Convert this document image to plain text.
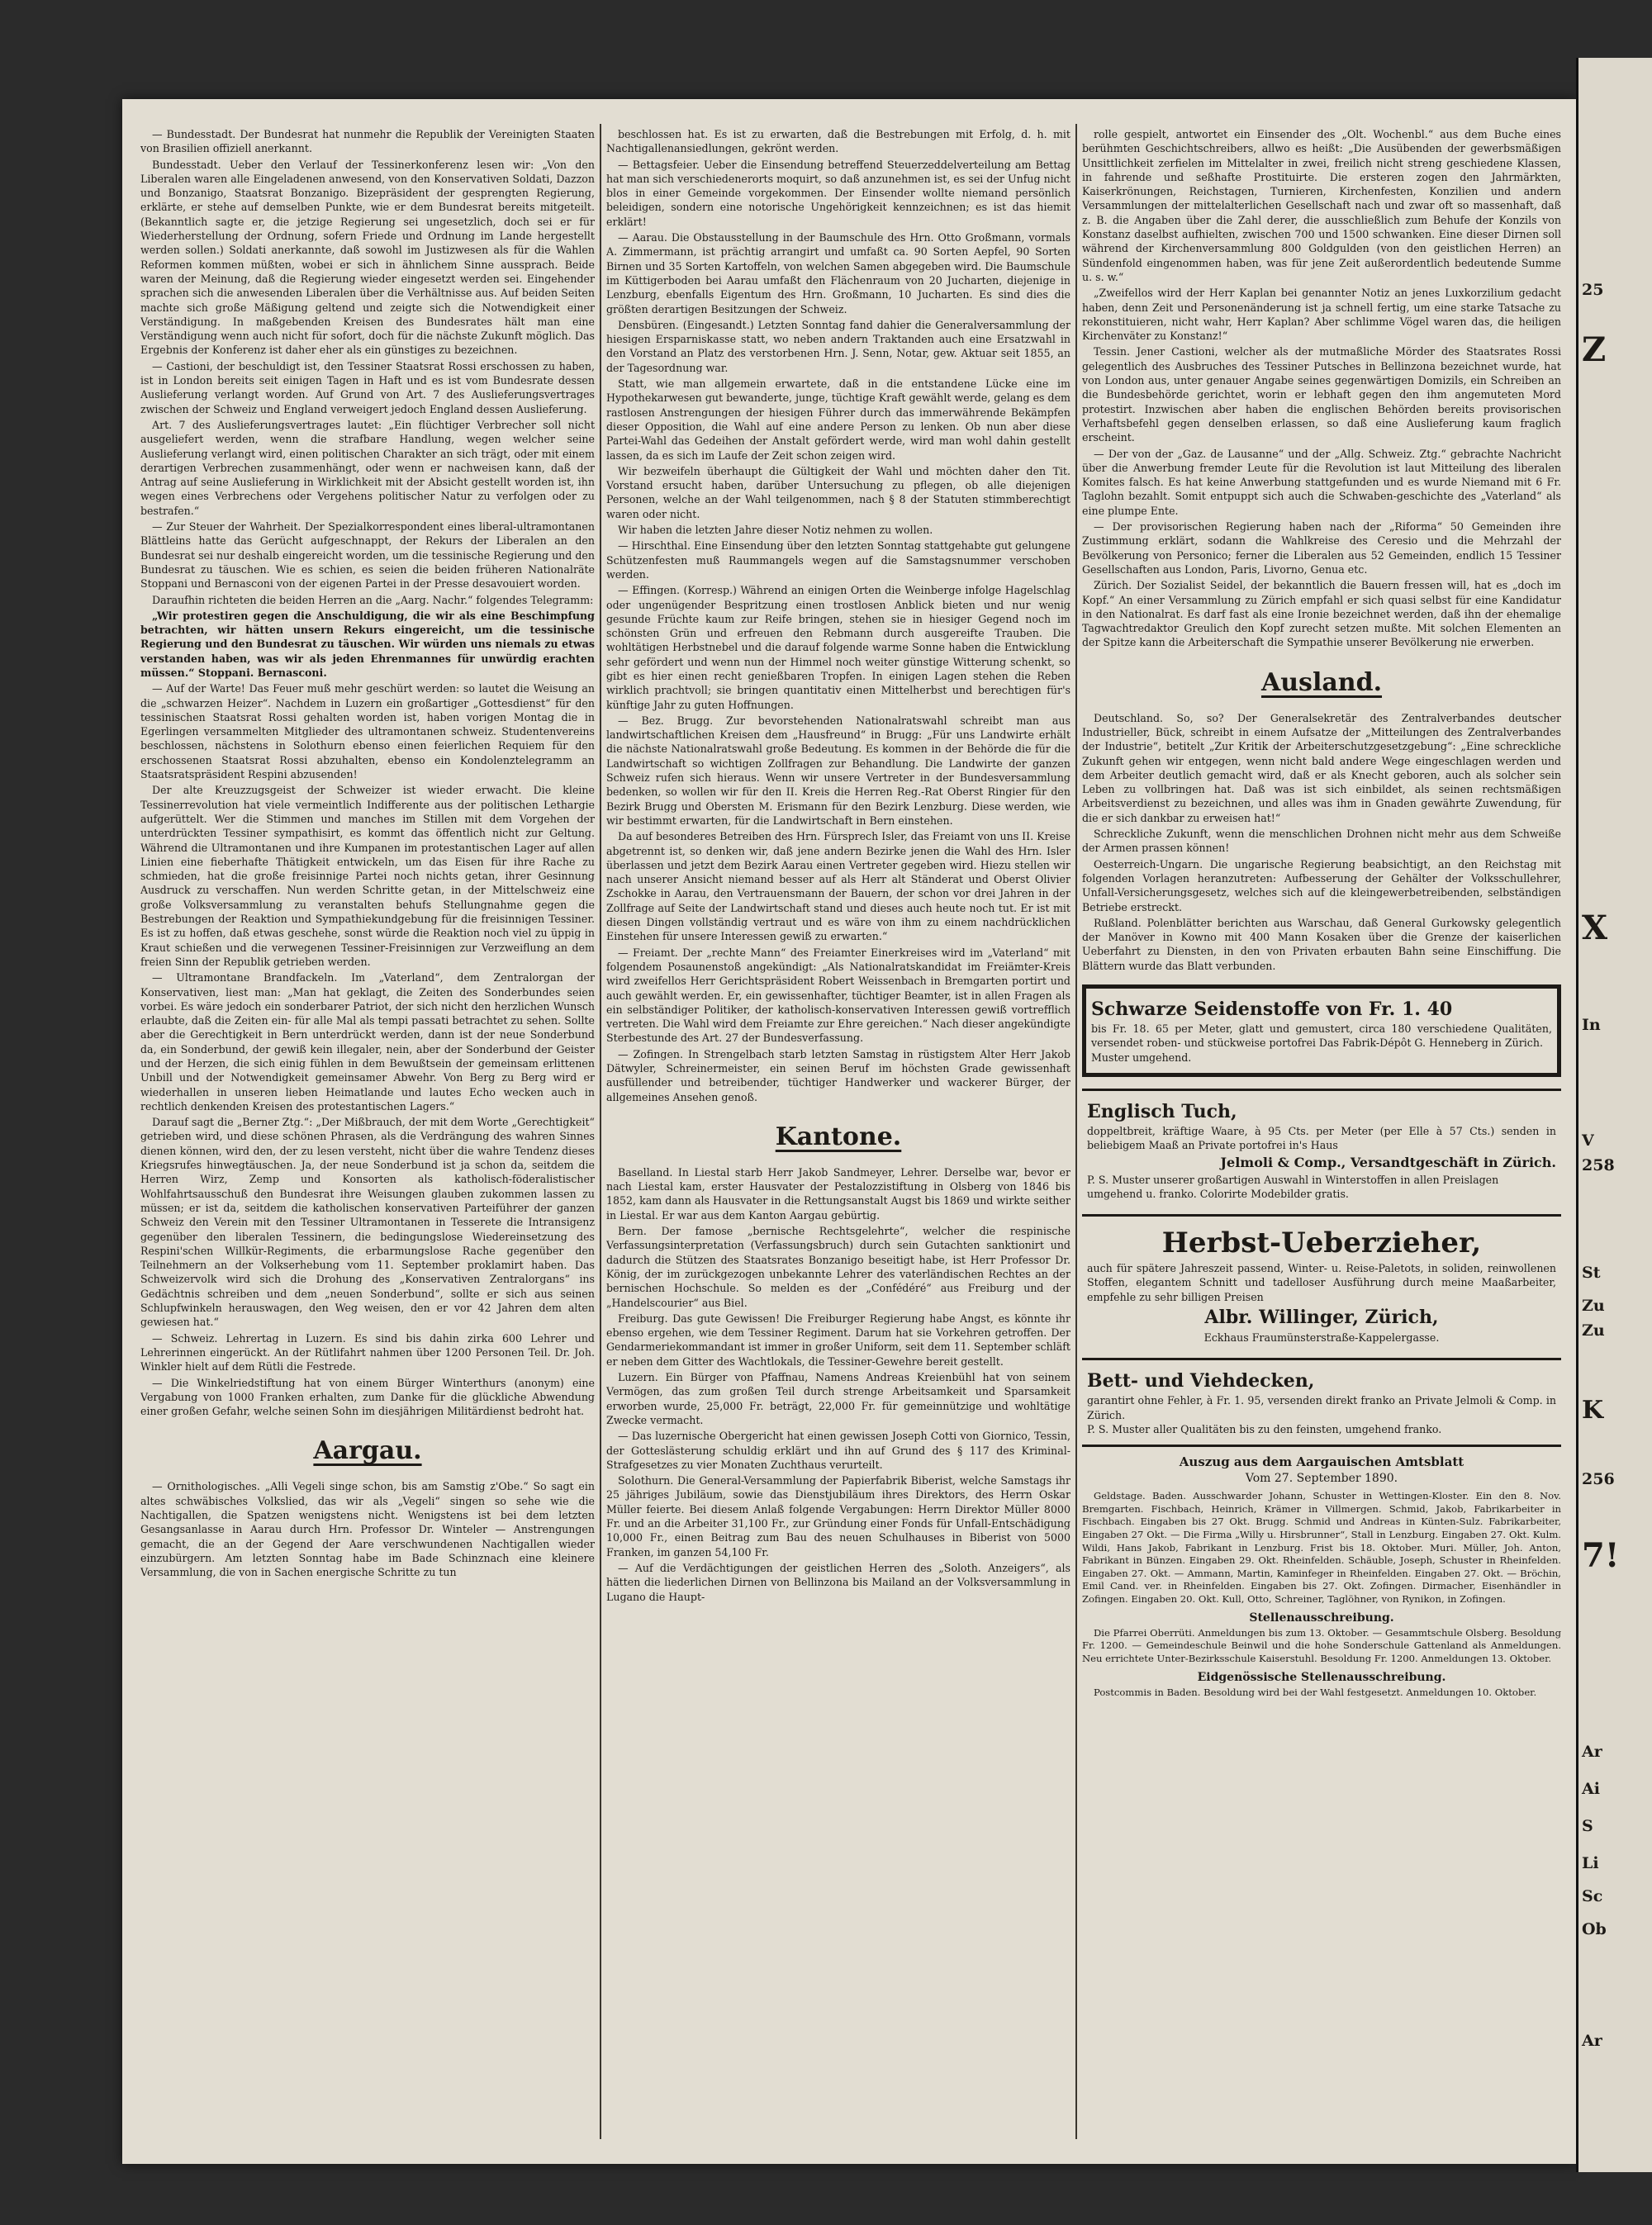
— Bundesstadt. Der Bundesrat hat nunmehr die Republik der Vereinigten Staaten von Brasilien offiziell anerkannt.

Bundesstadt. Ueber den Verlauf der Tessinerkonferenz lesen wir: „Von den Liberalen waren alle Eingeladenen anwesend, von den Konservativen Soldati, Dazzon und Bonzanigo, Staatsrat Bonzanigo. Bizepräsident der gesprengten Regierung, erklärte, er stehe auf demselben Punkte, wie er dem Bundesrat bereits mitgeteilt. (Bekanntlich sagte er, die jetzige Regierung sei ungesetzlich, doch sei er für Wiederherstellung der Ordnung, sofern Friede und Ordnung im Lande hergestellt werden sollen.) Soldati anerkannte, daß sowohl im Justizwesen als für die Wahlen Reformen kommen müßten, wobei er sich in ähnlichem Sinne aussprach. Beide waren der Meinung, daß die Regierung wieder eingesetzt werden sei. Eingehender sprachen sich die anwesenden Liberalen über die Verhältnisse aus. Auf beiden Seiten machte sich große Mäßigung geltend und zeigte sich die Notwendigkeit einer Verständigung. In maßgebenden Kreisen des Bundesrates hält man eine Verständigung wenn auch nicht für sofort, doch für die nächste Zukunft möglich. Das Ergebnis der Konferenz ist daher eher als ein günstiges zu bezeichnen.

— Castioni, der beschuldigt ist, den Tessiner Staatsrat Rossi erschossen zu haben, ist in London bereits seit einigen Tagen in Haft und es ist vom Bundesrate dessen Auslieferung verlangt worden. Auf Grund von Art. 7 des Auslieferungsvertrages zwischen der Schweiz und England verweigert jedoch England dessen Auslieferung.

Art. 7 des Auslieferungsvertrages lautet: „Ein flüchtiger Verbrecher soll nicht ausgeliefert werden, wenn die strafbare Handlung, wegen welcher seine Auslieferung verlangt wird, einen politischen Charakter an sich trägt, oder mit einem derartigen Verbrechen zusammenhängt, oder wenn er nachweisen kann, daß der Antrag auf seine Auslieferung in Wirklichkeit mit der Absicht gestellt worden ist, ihn wegen eines Verbrechens oder Vergehens politischer Natur zu verfolgen oder zu bestrafen.“

— Zur Steuer der Wahrheit. Der Spezialkorrespondent eines liberal-ultramontanen Blättleins hatte das Gerücht aufgeschnappt, der Rekurs der Liberalen an den Bundesrat sei nur deshalb eingereicht worden, um die tessinische Regierung und den Bundesrat zu täuschen. Wie es schien, es seien die beiden früheren Nationalräte Stoppani und Bernasconi von der eigenen Partei in der Presse desavouiert worden.

Daraufhin richteten die beiden Herren an die „Aarg. Nachr.“ folgendes Telegramm:

„Wir protestiren gegen die Anschuldigung, die wir als eine Beschimpfung betrachten, wir hätten unsern Rekurs eingereicht, um die tessinische Regierung und den Bundesrat zu täuschen. Wir würden uns niemals zu etwas verstanden haben, was wir als jeden Ehrenmannes für unwürdig erachten müssen.“ Stoppani. Bernasconi.

— Auf der Warte! Das Feuer muß mehr geschürt werden: so lautet die Weisung an die „schwarzen Heizer“. Nachdem in Luzern ein großartiger „Gottesdienst“ für den tessinischen Staatsrat Rossi gehalten worden ist, haben vorigen Montag die in Egerlingen versammelten Mitglieder des ultramontanen schweiz. Studentenvereins beschlossen, nächstens in Solothurn ebenso einen feierlichen Requiem für den erschossenen Staatsrat Rossi abzuhalten, ebenso ein Kondolenztelegramm an Staatsratspräsident Respini abzusenden!

Der alte Kreuzzugsgeist der Schweizer ist wieder erwacht. Die kleine Tessinerrevolution hat viele vermeintlich Indifferente aus der politischen Lethargie aufgerüttelt. Wer die Stimmen und manches im Stillen mit dem Vorgehen der unterdrückten Tessiner sympathisirt, es kommt das öffentlich nicht zur Geltung. Während die Ultramontanen und ihre Kumpanen im protestantischen Lager auf allen Linien eine fieberhafte Thätigkeit entwickeln, um das Eisen für ihre Rache zu schmieden, hat die große freisinnige Partei noch nichts getan, ihrer Gesinnung Ausdruck zu verschaffen. Nun werden Schritte getan, in der Mittelschweiz eine große Volksversammlung zu veranstalten behufs Stellungnahme gegen die Bestrebungen der Reaktion und Sympathiekundgebung für die freisinnigen Tessiner. Es ist zu hoffen, daß etwas geschehe, sonst würde die Reaktion noch viel zu üppig in Kraut schießen und die verwegenen Tessiner-Freisinnigen zur Verzweiflung an dem freien Sinn der Republik getrieben werden.

— Ultramontane Brandfackeln. Im „Vaterland“, dem Zentralorgan der Konservativen, liest man: „Man hat geklagt, die Zeiten des Sonderbundes seien vorbei. Es wäre jedoch ein sonderbarer Patriot, der sich nicht den herzlichen Wunsch erlaubte, daß die Zeiten ein- für alle Mal als tempi passati betrachtet zu sehen. Sollte aber die Gerechtigkeit in Bern unterdrückt werden, dann ist der neue Sonderbund da, ein Sonderbund, der gewiß kein illegaler, nein, aber der Sonderbund der Geister und der Herzen, die sich einig fühlen in dem Bewußtsein der gemeinsam erlittenen Unbill und der Notwendigkeit gemeinsamer Abwehr. Von Berg zu Berg wird er wiederhallen in unseren lieben Heimatlande und lautes Echo wecken auch in rechtlich denkenden Kreisen des protestantischen Lagers.“

Darauf sagt die „Berner Ztg.“: „Der Mißbrauch, der mit dem Worte „Gerechtigkeit“ getrieben wird, und diese schönen Phrasen, als die Verdrängung des wahren Sinnes dienen können, wird den, der zu lesen versteht, nicht über die wahre Tendenz dieses Kriegsrufes hinwegtäuschen. Ja, der neue Sonderbund ist ja schon da, seitdem die Herren Wirz, Zemp und Konsorten als katholisch-föderalistischer Wohlfahrtsausschuß den Bundesrat ihre Weisungen glauben zukommen lassen zu müssen; er ist da, seitdem die katholischen konservativen Parteiführer der ganzen Schweiz den Verein mit den Tessiner Ultramontanen in Tesserete die Intransigenz gegenüber den liberalen Tessinern, die bedingungslose Wiedereinsetzung des Respini'schen Willkür-Regiments, die erbarmungslose Rache gegenüber den Teilnehmern an der Volkserhebung vom 11. September proklamirt haben. Das Schweizervolk wird sich die Drohung des „Konservativen Zentralorgans“ ins Gedächtnis schreiben und dem „neuen Sonderbund“, sollte er sich aus seinen Schlupfwinkeln herauswagen, den Weg weisen, den er vor 42 Jahren dem alten gewiesen hat.“

— Schweiz. Lehrertag in Luzern. Es sind bis dahin zirka 600 Lehrer und Lehrerinnen eingerückt. An der Rütlifahrt nahmen über 1200 Personen Teil. Dr. Joh. Winkler hielt auf dem Rütli die Festrede.

— Die Winkelriedstiftung hat von einem Bürger Winterthurs (anonym) eine Vergabung von 1000 Franken erhalten, zum Danke für die glückliche Abwendung einer großen Gefahr, welche seinen Sohn im diesjährigen Militärdienst bedroht hat.

Aargau.

— Ornithologisches. „Alli Vegeli singe schon, bis am Samstig z'Obe.“ So sagt ein altes schwäbisches Volkslied, das wir als „Vegeli“ singen so sehe wie die Nachtigallen, die Spatzen wenigstens nicht. Wenigstens ist bei dem letzten Gesangsanlasse in Aarau durch Hrn. Professor Dr. Winteler — Anstrengungen gemacht, die an der Gegend der Aare verschwundenen Nachtigallen wieder einzubürgern. Am letzten Sonntag habe im Bade Schinznach eine kleinere Versammlung, die von in Sachen energische Schritte zu tun

beschlossen hat. Es ist zu erwarten, daß die Bestrebungen mit Erfolg, d. h. mit Nachtigallenansiedlungen, gekrönt werden.

— Bettagsfeier. Ueber die Einsendung betreffend Steuerzeddelverteilung am Bettag hat man sich verschiedenerorts moquirt, so daß anzunehmen ist, es sei der Unfug nicht blos in einer Gemeinde vorgekommen. Der Einsender wollte niemand persönlich beleidigen, sondern eine notorische Ungehörigkeit kennzeichnen; es ist das hiemit erklärt!

— Aarau. Die Obstausstellung in der Baumschule des Hrn. Otto Großmann, vormals A. Zimmermann, ist prächtig arrangirt und umfaßt ca. 90 Sorten Aepfel, 90 Sorten Birnen und 35 Sorten Kartoffeln, von welchen Samen abgegeben wird. Die Baumschule im Küttigerboden bei Aarau umfaßt den Flächenraum von 20 Jucharten, diejenige in Lenzburg, ebenfalls Eigentum des Hrn. Großmann, 10 Jucharten. Es sind dies die größten derartigen Besitzungen der Schweiz.

Densbüren. (Eingesandt.) Letzten Sonntag fand dahier die Generalversammlung der hiesigen Ersparniskasse statt, wo neben andern Traktanden auch eine Ersatzwahl in den Vorstand an Platz des verstorbenen Hrn. J. Senn, Notar, gew. Aktuar seit 1855, an der Tagesordnung war.

Statt, wie man allgemein erwartete, daß in die entstandene Lücke eine im Hypothekarwesen gut bewanderte, junge, tüchtige Kraft gewählt werde, gelang es dem rastlosen Anstrengungen der hiesigen Führer durch das immerwährende Bekämpfen dieser Opposition, die Wahl auf eine andere Person zu lenken. Ob nun aber diese Partei-Wahl das Gedeihen der Anstalt gefördert werde, wird man wohl dahin gestellt lassen, da es sich im Laufe der Zeit schon zeigen wird.

Wir bezweifeln überhaupt die Gültigkeit der Wahl und möchten daher den Tit. Vorstand ersucht haben, darüber Untersuchung zu pflegen, ob alle diejenigen Personen, welche an der Wahl teilgenommen, nach § 8 der Statuten stimmberechtigt waren oder nicht.

Wir haben die letzten Jahre dieser Notiz nehmen zu wollen.

— Hirschthal. Eine Einsendung über den letzten Sonntag stattgehabte gut gelungene Schützenfesten muß Raummangels wegen auf die Samstagsnummer verschoben werden.

— Effingen. (Korresp.) Während an einigen Orten die Weinberge infolge Hagelschlag oder ungenügender Bespritzung einen trostlosen Anblick bieten und nur wenig gesunde Früchte kaum zur Reife bringen, stehen sie in hiesiger Gegend noch im schönsten Grün und erfreuen den Rebmann durch ausgereifte Trauben. Die wohltätigen Herbstnebel und die darauf folgende warme Sonne haben die Entwicklung sehr gefördert und wenn nun der Himmel noch weiter günstige Witterung schenkt, so gibt es hier einen recht genießbaren Tropfen. In einigen Lagen stehen die Reben wirklich prachtvoll; sie bringen quantitativ einen Mittelherbst und berechtigen für's künftige Jahr zu guten Hoffnungen.

— Bez. Brugg. Zur bevorstehenden Nationalratswahl schreibt man aus landwirtschaftlichen Kreisen dem „Hausfreund“ in Brugg: „Für uns Landwirte erhält die nächste Nationalratswahl große Bedeutung. Es kommen in der Behörde die für die Landwirtschaft so wichtigen Zollfragen zur Behandlung. Die Landwirte der ganzen Schweiz rufen sich hieraus. Wenn wir unsere Vertreter in der Bundesversammlung bedenken, so wollen wir für den II. Kreis die Herren Reg.-Rat Oberst Ringier für den Bezirk Brugg und Obersten M. Erismann für den Bezirk Lenzburg. Diese werden, wie wir bestimmt erwarten, für die Landwirtschaft in Bern einstehen.

Da auf besonderes Betreiben des Hrn. Fürsprech Isler, das Freiamt von uns II. Kreise abgetrennt ist, so denken wir, daß jene andern Bezirke jenen die Wahl des Hrn. Isler überlassen und jetzt dem Bezirk Aarau einen Vertreter gegeben wird. Hiezu stellen wir nach unserer Ansicht niemand besser auf als Herr alt Ständerat und Oberst Olivier Zschokke in Aarau, den Vertrauensmann der Bauern, der schon vor drei Jahren in der Zollfrage auf Seite der Landwirtschaft stand und dieses auch heute noch tut. Er ist mit diesen Dingen vollständig vertraut und es wäre von ihm zu einem nachdrücklichen Einstehen für unsere Interessen gewiß zu erwarten.“

— Freiamt. Der „rechte Mann“ des Freiamter Einerkreises wird im „Vaterland“ mit folgendem Posaunenstoß angekündigt: „Als Nationalratskandidat im Freiämter-Kreis wird zweifellos Herr Gerichtspräsident Robert Weissenbach in Bremgarten portirt und auch gewählt werden. Er, ein gewissenhafter, tüchtiger Beamter, ist in allen Fragen als ein selbständiger Politiker, der katholisch-konservativen Interessen gewiß vortrefflich vertreten. Die Wahl wird dem Freiamte zur Ehre gereichen.“ Nach dieser angekündigte Sterbestunde des Art. 27 der Bundesverfassung.

— Zofingen. In Strengelbach starb letzten Samstag in rüstigstem Alter Herr Jakob Dätwyler, Schreinermeister, ein seinen Beruf im höchsten Grade gewissenhaft ausfüllender und betreibender, tüchtiger Handwerker und wackerer Bürger, der allgemeines Ansehen genoß.

Kantone.

Baselland. In Liestal starb Herr Jakob Sandmeyer, Lehrer. Derselbe war, bevor er nach Liestal kam, erster Hausvater der Pestalozzistiftung in Olsberg von 1846 bis 1852, kam dann als Hausvater in die Rettungsanstalt Augst bis 1869 und wirkte seither in Liestal. Er war aus dem Kanton Aargau gebürtig.

Bern. Der famose „bernische Rechtsgelehrte“, welcher die respinische Verfassungsinterpretation (Verfassungsbruch) durch sein Gutachten sanktionirt und dadurch die Stützen des Staatsrates Bonzanigo beseitigt habe, ist Herr Professor Dr. König, der im zurückgezogen unbekannte Lehrer des vaterländischen Rechtes an der bernischen Hochschule. So melden es der „Confédéré“ aus Freiburg und der „Handelscourier“ aus Biel.

Freiburg. Das gute Gewissen! Die Freiburger Regierung habe Angst, es könnte ihr ebenso ergehen, wie dem Tessiner Regiment. Darum hat sie Vorkehren getroffen. Der Gendarmeriekommandant ist immer in großer Uniform, seit dem 11. September schläft er neben dem Gitter des Wachtlokals, die Tessiner-Gewehre bereit gestellt.

Luzern. Ein Bürger von Pfaffnau, Namens Andreas Kreienbühl hat von seinem Vermögen, das zum großen Teil durch strenge Arbeitsamkeit und Sparsamkeit erworben wurde, 25,000 Fr. beträgt, 22,000 Fr. für gemeinnützige und wohltätige Zwecke vermacht.

— Das luzernische Obergericht hat einen gewissen Joseph Cotti von Giornico, Tessin, der Gotteslästerung schuldig erklärt und ihn auf Grund des § 117 des Kriminal-Strafgesetzes zu vier Monaten Zuchthaus verurteilt.

Solothurn. Die General-Versammlung der Papierfabrik Biberist, welche Samstags ihr 25 jähriges Jubiläum, sowie das Dienstjubiläum ihres Direktors, des Herrn Oskar Müller feierte. Bei diesem Anlaß folgende Vergabungen: Herrn Direktor Müller 8000 Fr. und an die Arbeiter 31,100 Fr., zur Gründung einer Fonds für Unfall-Entschädigung 10,000 Fr., einen Beitrag zum Bau des neuen Schulhauses in Biberist von 5000 Franken, im ganzen 54,100 Fr.

— Auf die Verdächtigungen der geistlichen Herren des „Soloth. Anzeigers“, als hätten die liederlichen Dirnen von Bellinzona bis Mailand an der Volksversammlung in Lugano die Haupt-

rolle gespielt, antwortet ein Einsender des „Olt. Wochenbl.“ aus dem Buche eines berühmten Geschichtschreibers, allwo es heißt: „Die Ausübenden der gewerbsmäßigen Unsittlichkeit zerfielen im Mittelalter in zwei, freilich nicht streng geschiedene Klassen, in fahrende und seßhafte Prostituirte. Die ersteren zogen den Jahrmärkten, Kaiserkrönungen, Reichstagen, Turnieren, Kirchenfesten, Konzilien und andern Versammlungen der mittelalterlichen Gesellschaft nach und zwar oft so massenhaft, daß z. B. die Angaben über die Zahl derer, die ausschließlich zum Behufe der Konzils von Konstanz daselbst aufhielten, zwischen 700 und 1500 schwanken. Eine dieser Dirnen soll während der Kirchenversammlung 800 Goldgulden (von den geistlichen Herren) an Sündenfold eingenommen haben, was für jene Zeit außerordentlich bedeutende Summe u. s. w.“

„Zweifellos wird der Herr Kaplan bei genannter Notiz an jenes Luxkorzilium gedacht haben, denn Zeit und Personenänderung ist ja schnell fertig, um eine starke Tatsache zu rekonstituieren, nicht wahr, Herr Kaplan? Aber schlimme Vögel waren das, die heiligen Kirchenväter zu Konstanz!“

Tessin. Jener Castioni, welcher als der mutmaßliche Mörder des Staatsrates Rossi gelegentlich des Ausbruches des Tessiner Putsches in Bellinzona bezeichnet wurde, hat von London aus, unter genauer Angabe seines gegenwärtigen Domizils, ein Schreiben an die Bundesbehörde gerichtet, worin er lebhaft gegen den ihm angemuteten Mord protestirt. Inzwischen aber haben die englischen Behörden bereits provisorischen Verhaftsbefehl gegen denselben erlassen, so daß eine Auslieferung kaum fraglich erscheint.

— Der von der „Gaz. de Lausanne“ und der „Allg. Schweiz. Ztg.“ gebrachte Nachricht über die Anwerbung fremder Leute für die Revolution ist laut Mitteilung des liberalen Komites falsch. Es hat keine Anwerbung stattgefunden und es wurde Niemand mit 6 Fr. Taglohn bezahlt. Somit entpuppt sich auch die Schwaben-geschichte des „Vaterland“ als eine plumpe Ente.

— Der provisorischen Regierung haben nach der „Riforma“ 50 Gemeinden ihre Zustimmung erklärt, sodann die Wahlkreise des Ceresio und die Mehrzahl der Bevölkerung von Personico; ferner die Liberalen aus 52 Gemeinden, endlich 15 Tessiner Gesellschaften aus London, Paris, Livorno, Genua etc.

Zürich. Der Sozialist Seidel, der bekanntlich die Bauern fressen will, hat es „doch im Kopf.“ An einer Versammlung zu Zürich empfahl er sich quasi selbst für eine Kandidatur in den Nationalrat. Es darf fast als eine Ironie bezeichnet werden, daß ihn der ehemalige Tagwachtredaktor Greulich den Kopf zurecht setzen mußte. Mit solchen Elementen an der Spitze kann die Arbeiterschaft die Sympathie unserer Bevölkerung nie erwerben.

Ausland.

Deutschland. So, so? Der Generalsekretär des Zentralverbandes deutscher Industrieller, Bück, schreibt in einem Aufsatze der „Mitteilungen des Zentralverbandes der Industrie“, betitelt „Zur Kritik der Arbeiterschutzgesetzgebung“: „Eine schreckliche Zukunft gehen wir entgegen, wenn nicht bald andere Wege eingeschlagen werden und dem Arbeiter deutlich gemacht wird, daß er als Knecht geboren, auch als solcher sein Leben zu vollbringen hat. Daß was ist sich einbildet, als seinen rechtsmäßigen Arbeitsverdienst zu bezeichnen, und alles was ihm in Gnaden gewährte Zuwendung, für die er sich dankbar zu erweisen hat!“

Schreckliche Zukunft, wenn die menschlichen Drohnen nicht mehr aus dem Schweiße der Armen prassen können!

Oesterreich-Ungarn. Die ungarische Regierung beabsichtigt, an den Reichstag mit folgenden Vorlagen heranzutreten: Aufbesserung der Gehälter der Volksschullehrer, Unfall-Versicherungsgesetz, welches sich auf die kleingewerbetreibenden, selbständigen Betriebe erstreckt.

Rußland. Polenblätter berichten aus Warschau, daß General Gurkowsky gelegentlich der Manöver in Kowno mit 400 Mann Kosaken über die Grenze der kaiserlichen Ueberfahrt zu Diensten, in den von Privaten erbauten Bahn seine Einschiffung. Die Blättern wurde das Blatt verbunden.

Schwarze Seidenstoffe von Fr. 1. 40
bis Fr. 18. 65 per Meter, glatt und gemustert, circa 180 verschiedene Qualitäten, versendet roben- und stückweise portofrei Das Fabrik-Dépôt G. Henneberg in Zürich.
Muster umgehend.
Englisch Tuch,
doppeltbreit, kräftige Waare, à 95 Cts. per Meter (per Elle à 57 Cts.) senden in beliebigem Maaß an Private portofrei in's Haus
Jelmoli & Comp., Versandtgeschäft in Zürich.
P. S. Muster unserer großartigen Auswahl in Winterstoffen in allen Preislagen umgehend u. franko. Colorirte Modebilder gratis.
Herbst-Ueberzieher,
auch für spätere Jahreszeit passend, Winter- u. Reise-Paletots, in soliden, reinwollenen Stoffen, elegantem Schnitt und tadelloser Ausführung durch meine Maaßarbeiter, empfehle zu sehr billigen Preisen
Albr. Willinger, Zürich,
Eckhaus Fraumünsterstraße-Kappelergasse.
Bett- und Viehdecken,
garantirt ohne Fehler, à Fr. 1. 95, versenden direkt franko an Private Jelmoli & Comp. in Zürich.
P. S. Muster aller Qualitäten bis zu den feinsten, umgehend franko.
Auszug aus dem Aargauischen Amtsblatt
Vom 27. September 1890.

Geldstage. Baden. Ausschwarder Johann, Schuster in Wettingen-Kloster. Ein den 8. Nov. Bremgarten. Fischbach, Heinrich, Krämer in Villmergen. Schmid, Jakob, Fabrikarbeiter in Fischbach. Eingaben bis 27 Okt. Brugg. Schmid und Andreas in Künten-Sulz. Fabrikarbeiter, Eingaben 27 Okt. — Die Firma „Willy u. Hirsbrunner“, Stall in Lenzburg. Eingaben 27. Okt. Kulm. Wildi, Hans Jakob, Fabrikant in Lenzburg. Frist bis 18. Oktober. Muri. Müller, Joh. Anton, Fabrikant in Bünzen. Eingaben 29. Okt. Rheinfelden. Schäuble, Joseph, Schuster in Rheinfelden. Eingaben 27. Okt. — Ammann, Martin, Kaminfeger in Rheinfelden. Eingaben 27. Okt. — Bröchin, Emil Cand. ver. in Rheinfelden. Eingaben bis 27. Okt. Zofingen. Dirmacher, Eisenhändler in Zofingen. Eingaben 20. Okt. Kull, Otto, Schreiner, Taglöhner, von Rynikon, in Zofingen.

Stellenausschreibung.

Die Pfarrei Oberrüti. Anmeldungen bis zum 13. Oktober. — Gesammtschule Olsberg. Besoldung Fr. 1200. — Gemeindeschule Beinwil und die hohe Sonderschule Gattenland als Anmeldungen. Neu errichtete Unter-Bezirksschule Kaiserstuhl. Besoldung Fr. 1200. Anmeldungen 13. Oktober.

Eidgenössische Stellenausschreibung.

Postcommis in Baden. Besoldung wird bei der Wahl festgesetzt. Anmeldungen 10. Oktober.

25
Z
X
In
V
258
St
Zu
Zu
K
256
7!
Ar
Ai
S
Li
Sc
Ob
Ar
